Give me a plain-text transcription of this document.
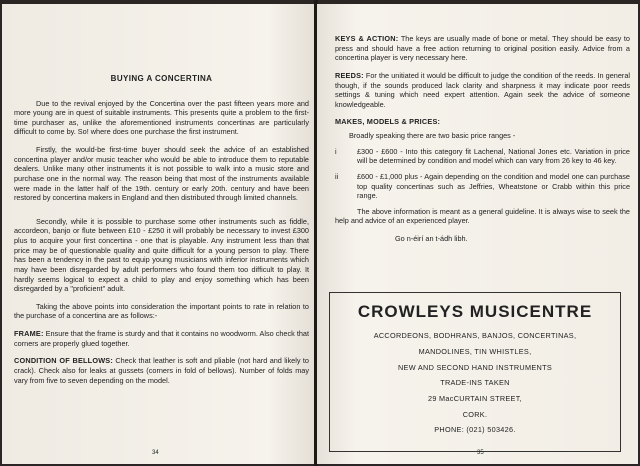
BUYING A CONCERTINA

Due to the revival enjoyed by the Concertina over the past fifteen years more and more young are in quest of suitable instruments. This presents quite a problem to the first-time purchaser as, unlike the aforementioned instruments concertinas are particularly difficult to come by. So! where does one purchase the first instrument.

Firstly, the would-be first-time buyer should seek the advice of an established concertina player and/or music teacher who would be able to introduce them to reputable dealers. Unlike many other instruments it is not possible to walk into a music store and purchase one in the normal way. The reason being that most of the instruments available were made in the latter half of the 19th. century or early 20th. century and have been restored by concertina makers in England and then distributed through limited channels.

Secondly, while it is possible to purchase some other instruments such as fiddle, accordeon, banjo or flute between £10 - £250 it will probably be necessary to invest £300 plus to acquire your first concertina - one that is playable. Any instrument less than that price may be of questionable quality and quite difficult for a young person to play. There has been a tendency in the past to equip young musicians with inferior instruments which may have been disregarded by adult performers who found them too difficult to play. It hardly seems logical to expect a child to play and enjoy something which has been disregarded by a "proficient" adult.

Taking the above points into consideration the important points to rate in relation to the purchase of a concertina are as follows:-

FRAME: Ensure that the frame is sturdy and that it contains no woodworm. Also check that corners are properly glued together.

CONDITION OF BELLOWS: Check that leather is soft and pliable (not hard and likely to crack). Check also for leaks at gussets (corners in fold of bellows). Number of folds may vary from five to seven depending on the model.

34

KEYS & ACTION: The keys are usually made of bone or metal. They should be easy to press and should have a free action returning to original position easily. Advice from a concertina player is very necessary here.

REEDS: For the unitiated it would be difficult to judge the condition of the reeds. In general though, if the sounds produced lack clarity and sharpness it may indicate poor reeds settings & tuning which need expert attention. Again seek the advice of someone knowledgeable.

MAKES, MODELS & PRICES:
Broadly speaking there are two basic price ranges -
i	£300 - £600 - Into this category fit Lachenal, National Jones etc. Variation in price will be determined by condition and model which can vary from 26 key to 46 key.
ii	£600 - £1,000 plus - Again depending on the condition and model one can purchase top quality concertinas such as Jeffries, Wheatstone or Crabb within this price range.

The above information is meant as a general guideline. It is always wise to seek the help and advice of an experienced player.

Go n-éirí an t-ádh libh.
CROWLEYS MUSICENTRE
ACCORDEONS, BODHRANS, BANJOS, CONCERTINAS,
MANDOLINES, TIN WHISTLES,
NEW AND SECOND HAND INSTRUMENTS
TRADE-INS TAKEN
29 MacCURTAIN STREET,
CORK.
PHONE: (021) 503426.
35
